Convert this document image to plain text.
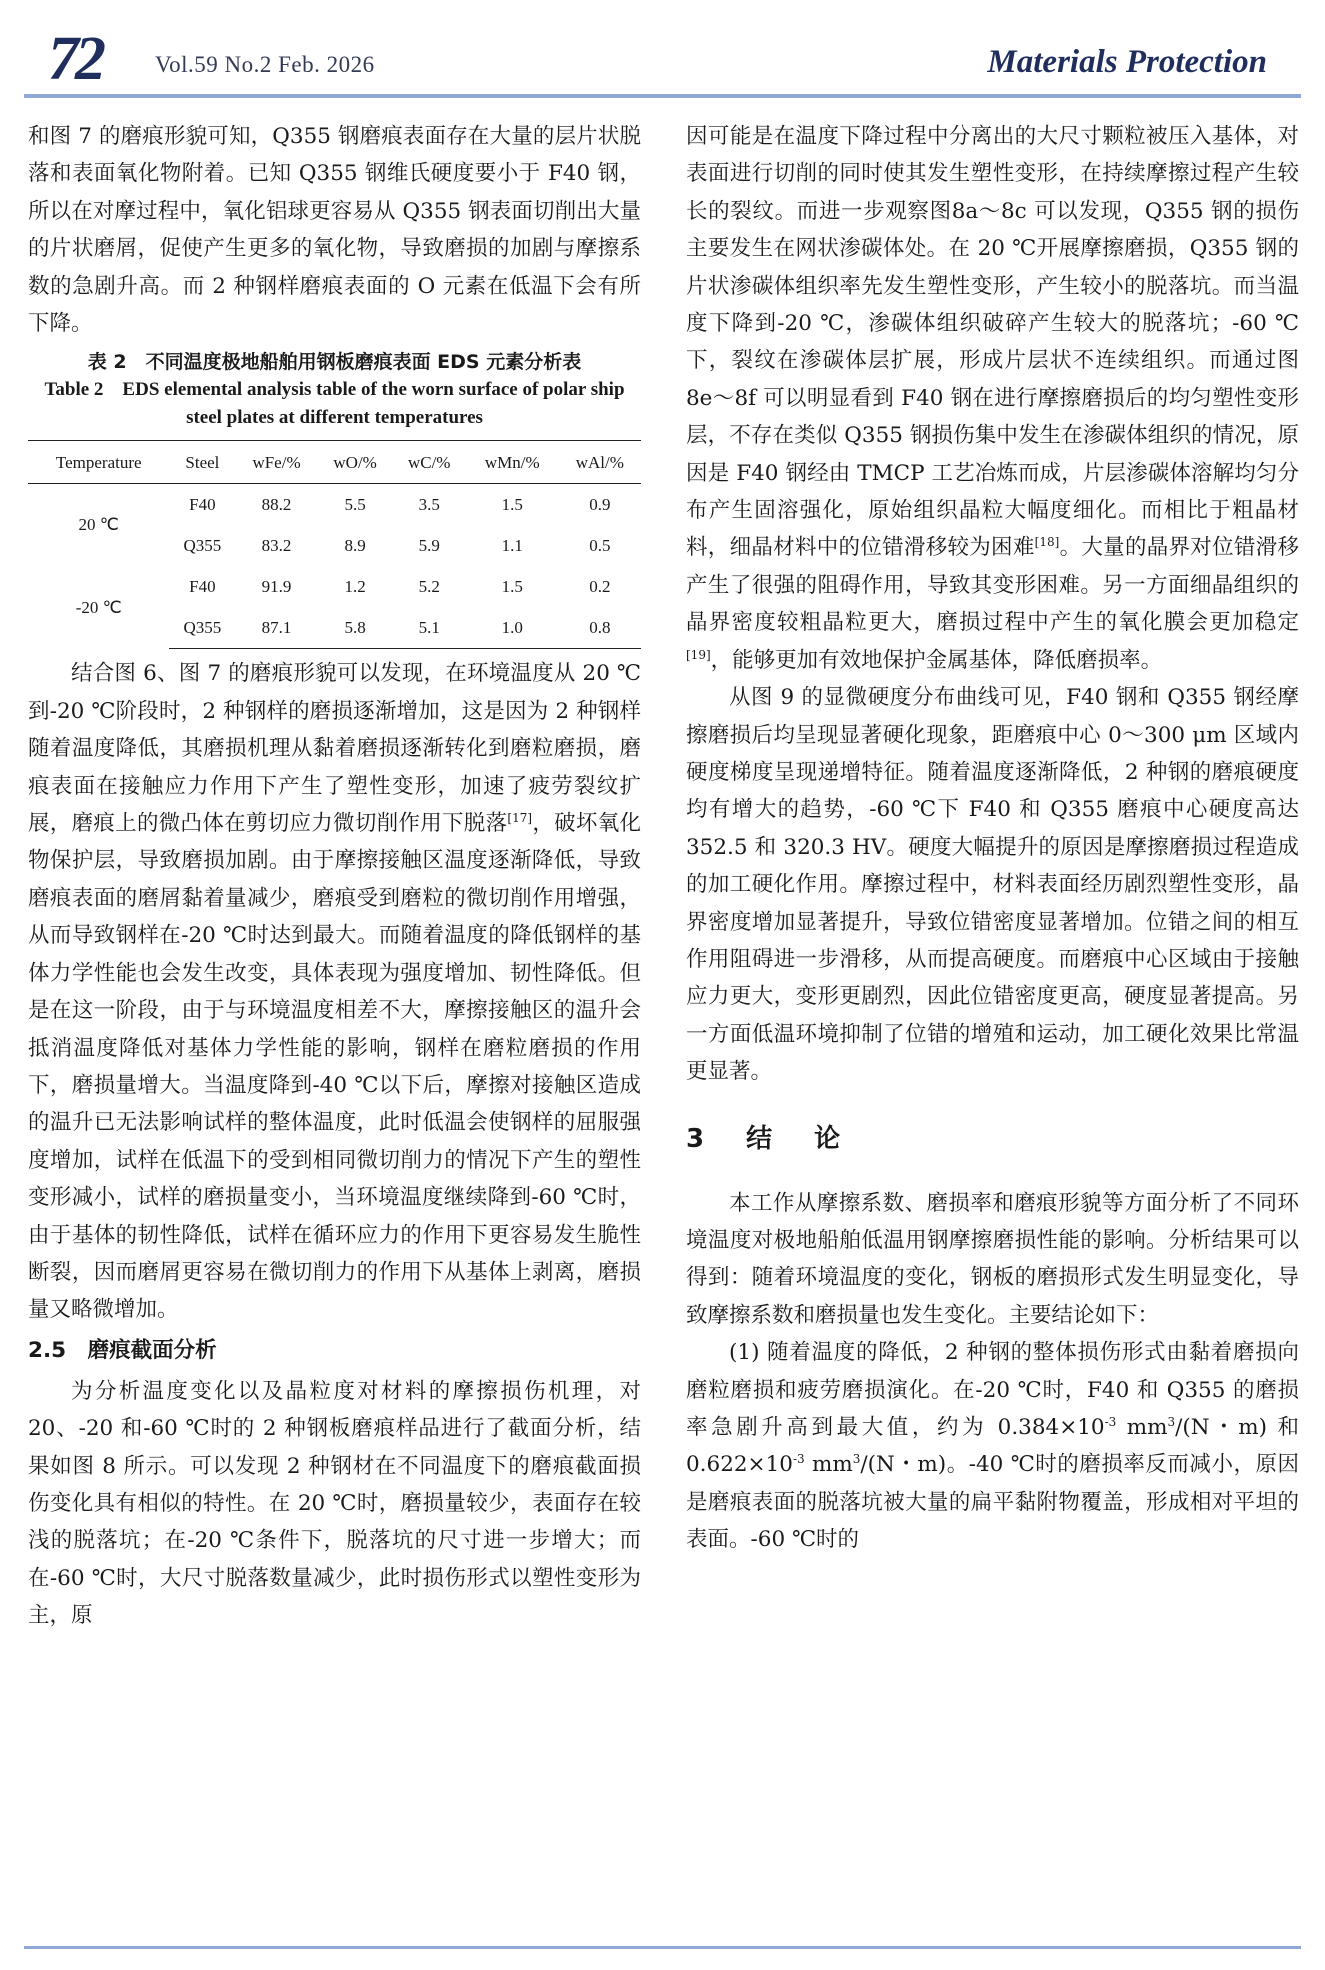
72 Vol.59 No.2 Feb. 2026	Materials Protection

和图 7 的磨痕形貌可知，Q355 钢磨痕表面存在大量的层片状脱落和表面氧化物附着。已知 Q355 钢维氏硬度要小于 F40 钢，所以在对摩过程中，氧化铝球更容易从 Q355 钢表面切削出大量的片状磨屑，促使产生更多的氧化物，导致磨损的加剧与摩擦系数的急剧升高。而 2 种钢样磨痕表面的 O 元素在低温下会有所下降。

表 2　不同温度极地船舶用钢板磨痕表面 EDS 元素分析表
Table 2　EDS elemental analysis table of the worn surface of polar ship steel plates at different temperatures
Temperature	Steel	wFe/%	wO/%	wC/%	wMn/%	wAl/%
20 ℃	F40	88.2	5.5	3.5	1.5	0.9
	Q355	83.2	8.9	5.9	1.1	0.5
-20 ℃	F40	91.9	1.2	5.2	1.5	0.2
	Q355	87.1	5.8	5.1	1.0	0.8

结合图 6、图 7 的磨痕形貌可以发现，在环境温度从 20 ℃到-20 ℃阶段时，2 种钢样的磨损逐渐增加，这是因为 2 种钢样随着温度降低，其磨损机理从黏着磨损逐渐转化到磨粒磨损，磨痕表面在接触应力作用下产生了塑性变形，加速了疲劳裂纹扩展，磨痕上的微凸体在剪切应力微切削作用下脱落[17]，破坏氧化物保护层，导致磨损加剧。由于摩擦接触区温度逐渐降低，导致磨痕表面的磨屑黏着量减少，磨痕受到磨粒的微切削作用增强，从而导致钢样在-20 ℃时达到最大。而随着温度的降低钢样的基体力学性能也会发生改变，具体表现为强度增加、韧性降低。但是在这一阶段，由于与环境温度相差不大，摩擦接触区的温升会抵消温度降低对基体力学性能的影响，钢样在磨粒磨损的作用下，磨损量增大。当温度降到-40 ℃以下后，摩擦对接触区造成的温升已无法影响试样的整体温度，此时低温会使钢样的屈服强度增加，试样在低温下的受到相同微切削力的情况下产生的塑性变形减小，试样的磨损量变小，当环境温度继续降到-60 ℃时，由于基体的韧性降低，试样在循环应力的作用下更容易发生脆性断裂，因而磨屑更容易在微切削力的作用下从基体上剥离，磨损量又略微增加。

2.5　磨痕截面分析

为分析温度变化以及晶粒度对材料的摩擦损伤机理，对 20、-20 和-60 ℃时的 2 种钢板磨痕样品进行了截面分析，结果如图 8 所示。可以发现 2 种钢材在不同温度下的磨痕截面损伤变化具有相似的特性。在 20 ℃时，磨损量较少，表面存在较浅的脱落坑；在-20 ℃条件下，脱落坑的尺寸进一步增大；而在-60 ℃时，大尺寸脱落数量减少，此时损伤形式以塑性变形为主，原

因可能是在温度下降过程中分离出的大尺寸颗粒被压入基体，对表面进行切削的同时使其发生塑性变形，在持续摩擦过程产生较长的裂纹。而进一步观察图8a～8c 可以发现，Q355 钢的损伤主要发生在网状渗碳体处。在 20 ℃开展摩擦磨损，Q355 钢的片状渗碳体组织率先发生塑性变形，产生较小的脱落坑。而当温度下降到-20 ℃，渗碳体组织破碎产生较大的脱落坑；-60 ℃下，裂纹在渗碳体层扩展，形成片层状不连续组织。而通过图 8e～8f 可以明显看到 F40 钢在进行摩擦磨损后的均匀塑性变形层，不存在类似 Q355 钢损伤集中发生在渗碳体组织的情况，原因是 F40 钢经由 TMCP 工艺冶炼而成，片层渗碳体溶解均匀分布产生固溶强化，原始组织晶粒大幅度细化。而相比于粗晶材料，细晶材料中的位错滑移较为困难[18]。大量的晶界对位错滑移产生了很强的阻碍作用，导致其变形困难。另一方面细晶组织的晶界密度较粗晶粒更大，磨损过程中产生的氧化膜会更加稳定[19]，能够更加有效地保护金属基体，降低磨损率。

从图 9 的显微硬度分布曲线可见，F40 钢和 Q355 钢经摩擦磨损后均呈现显著硬化现象，距磨痕中心 0～300 μm 区域内硬度梯度呈现递增特征。随着温度逐渐降低，2 种钢的磨痕硬度均有增大的趋势，-60 ℃下 F40 和 Q355 磨痕中心硬度高达 352.5 和 320.3 HV。硬度大幅提升的原因是摩擦磨损过程造成的加工硬化作用。摩擦过程中，材料表面经历剧烈塑性变形，晶界密度增加显著提升，导致位错密度显著增加。位错之间的相互作用阻碍进一步滑移，从而提高硬度。而磨痕中心区域由于接触应力更大，变形更剧烈，因此位错密度更高，硬度显著提高。另一方面低温环境抑制了位错的增殖和运动，加工硬化效果比常温更显著。

3　结　论

本工作从摩擦系数、磨损率和磨痕形貌等方面分析了不同环境温度对极地船舶低温用钢摩擦磨损性能的影响。分析结果可以得到：随着环境温度的变化，钢板的磨损形式发生明显变化，导致摩擦系数和磨损量也发生变化。主要结论如下：

(1) 随着温度的降低，2 种钢的整体损伤形式由黏着磨损向磨粒磨损和疲劳磨损演化。在-20 ℃时，F40 和 Q355 的磨损率急剧升高到最大值，约为 $0.384\times 10^{-3}$ $mm^3/(N$・m) 和 $0.622\times 10^{-3}$ $mm^3/(N$・m)。-40 ℃时的磨损率反而减小，原因是磨痕表面的脱落坑被大量的扁平黏附物覆盖，形成相对平坦的表面。-60 ℃时的
